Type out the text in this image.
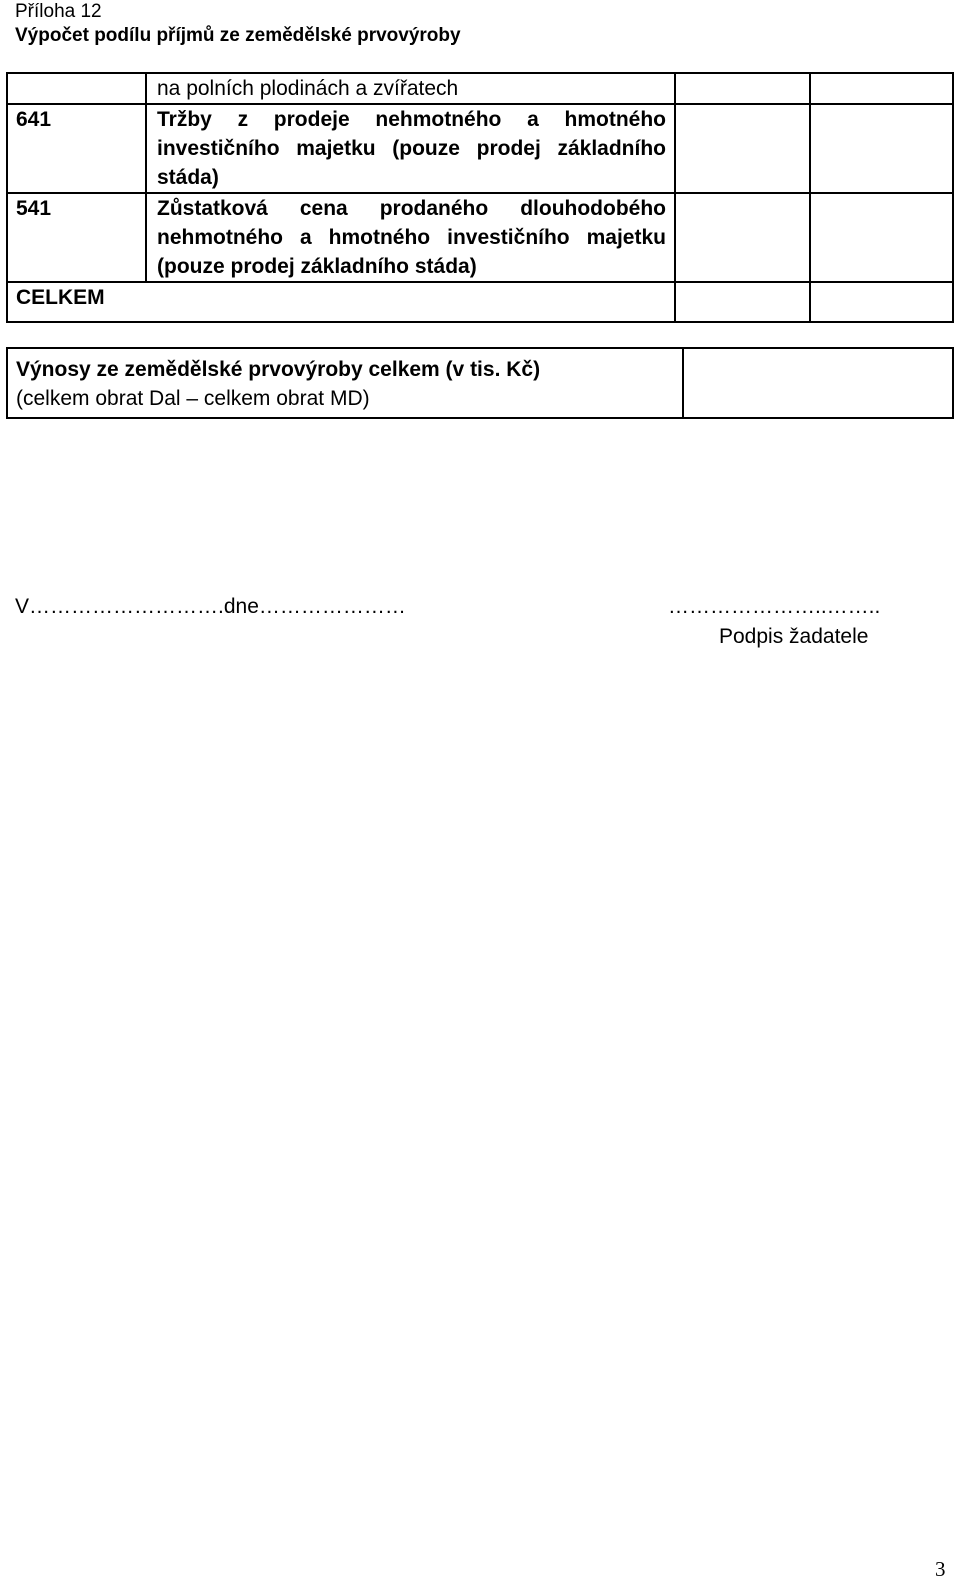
Příloha 12
Výpočet podílu příjmů ze zemědělské prvovýroby
	na polních plodinách a zvířatech		
641	Tržby z prodeje nehmotného a hmotného investičního majetku (pouze prodej základního stáda)		
541	Zůstatková cena prodaného dlouhodobého nehmotného a hmotného investičního majetku (pouze prodej základního stáda)		
CELKEM			
Výnosy ze zemědělské prvovýroby celkem (v tis. Kč)
(celkem obrat Dal – celkem obrat MD)

V……………………….dne…………………	…………………..……..
Podpis žadatele
3
